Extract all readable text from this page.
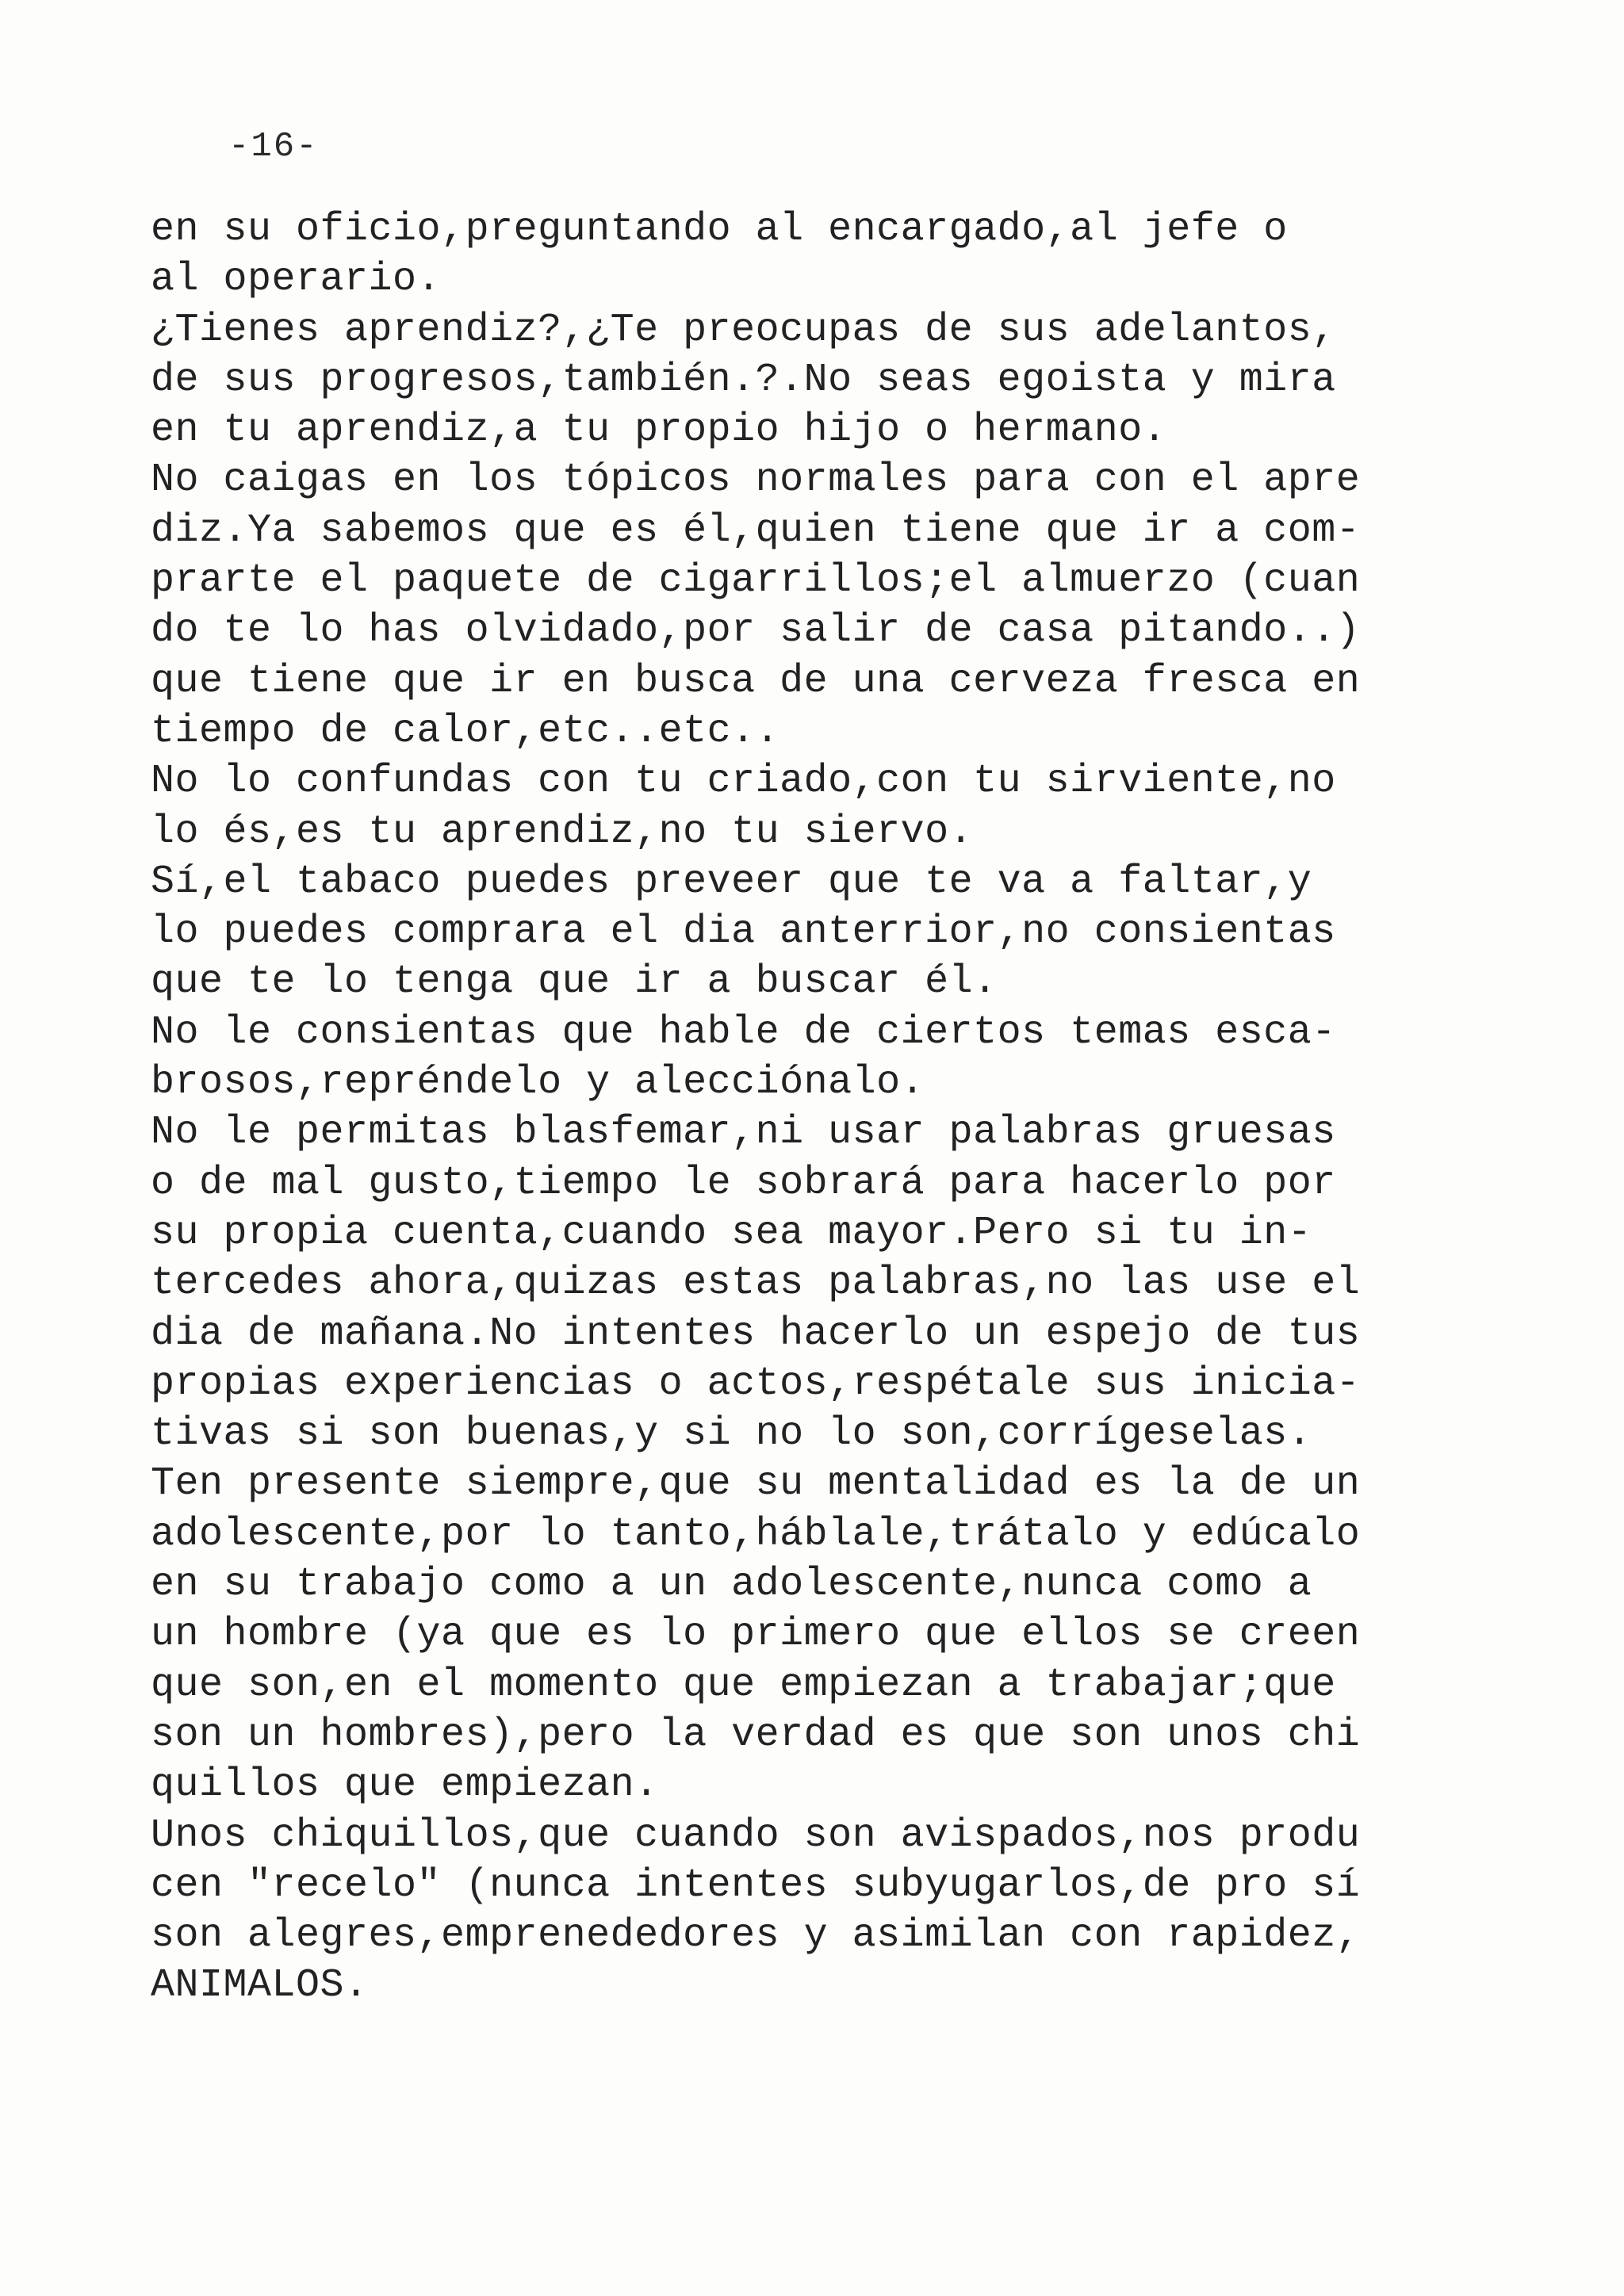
-16-
en su oficio,preguntando al encargado,al jefe o
al operario.
¿Tienes aprendiz?,¿Te preocupas de sus adelantos,
de sus progresos,también.?.No seas egoista y mira
en tu aprendiz,a tu propio hijo o hermano.
No caigas en los tópicos normales para con el apre
diz.Ya sabemos que es él,quien tiene que ir a com-
prarte el paquete de cigarrillos;el almuerzo (cuan
do te lo has olvidado,por salir de casa pitando..)
que tiene que ir en busca de una cerveza fresca en
tiempo de calor,etc..etc..
No lo confundas con tu criado,con tu sirviente,no
lo és,es tu aprendiz,no tu siervo.
Sí,el tabaco puedes preveer que te va a faltar,y
lo puedes comprara el dia anterrior,no consientas
que te lo tenga que ir a buscar él.
No le consientas que hable de ciertos temas esca-
brosos,repréndelo y alecciónalo.
No le permitas blasfemar,ni usar palabras gruesas
o de mal gusto,tiempo le sobrará para hacerlo por
su propia cuenta,cuando sea mayor.Pero si tu in-
tercedes ahora,quizas estas palabras,no las use el
dia de mañana.No intentes hacerlo un espejo de tus
propias experiencias o actos,respétale sus inicia-
tivas si son buenas,y si no lo son,corrígeselas.
Ten presente siempre,que su mentalidad es la de un
adolescente,por lo tanto,háblale,trátalo y edúcalo
en su trabajo como a un adolescente,nunca como a
un hombre (ya que es lo primero que ellos se creen
que son,en el momento que empiezan a trabajar;que
son un hombres),pero la verdad es que son unos chi
quillos que empiezan.
Unos chiquillos,que cuando son avispados,nos produ
cen "recelo" (nunca intentes subyugarlos,de pro sí
son alegres,emprenededores y asimilan con rapidez,
ANIMALOS.
